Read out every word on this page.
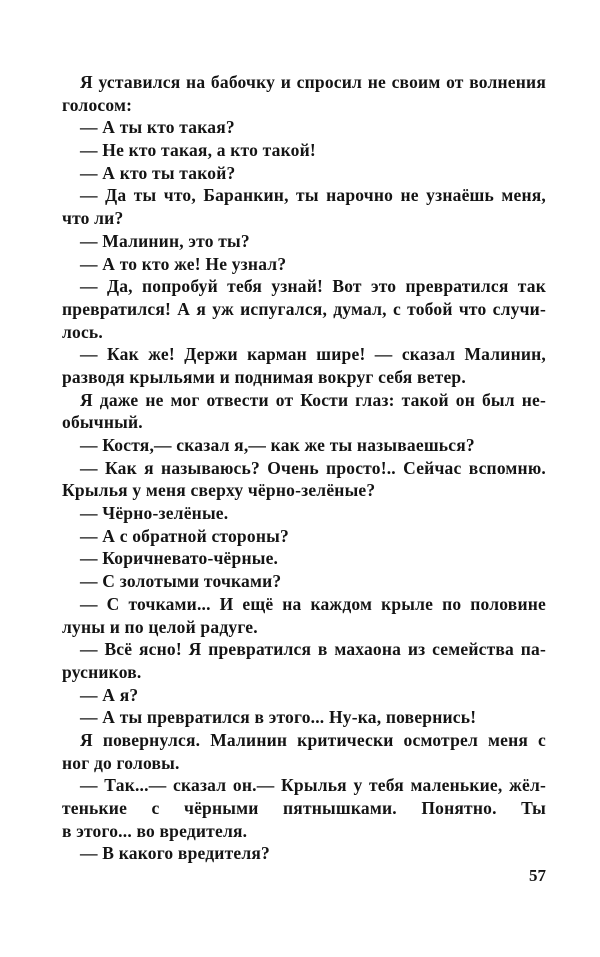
Я уставился на бабочку и спросил не своим от волнения
голосом:
— А ты кто такая?
— Не кто такая, а кто такой!
— А кто ты такой?
— Да ты что, Баранкин, ты нарочно не узнаёшь меня,
что ли?
— Малинин, это ты?
— А то кто же! Не узнал?
— Да, попробуй тебя узнай! Вот это превратился так
превратился! А я уж испугался, думал, с тобой что случи-
лось.
— Как же! Держи карман шире! — сказал Малинин,
разводя крыльями и поднимая вокруг себя ветер.
Я даже не мог отвести от Кости глаз: такой он был не-
обычный.
— Костя,— сказал я,— как же ты называешься?
— Как я называюсь? Очень просто!.. Сейчас вспомню.
Крылья у меня сверху чёрно-зелёные?
— Чёрно-зелёные.
— А с обратной стороны?
— Коричневато-чёрные.
— С золотыми точками?
— С точками... И ещё на каждом крыле по половине
луны и по целой радуге.
— Всё ясно! Я превратился в махаона из семейства па-
русников.
— А я?
— А ты превратился в этого... Ну-ка, повернись!
Я повернулся. Малинин критически осмотрел меня с
ног до головы.
— Так...— сказал он.— Крылья у тебя маленькие, жёл-
тенькие с чёрными пятнышками. Понятно. Ты
в этого... во вредителя.
— В какого вредителя?
57
